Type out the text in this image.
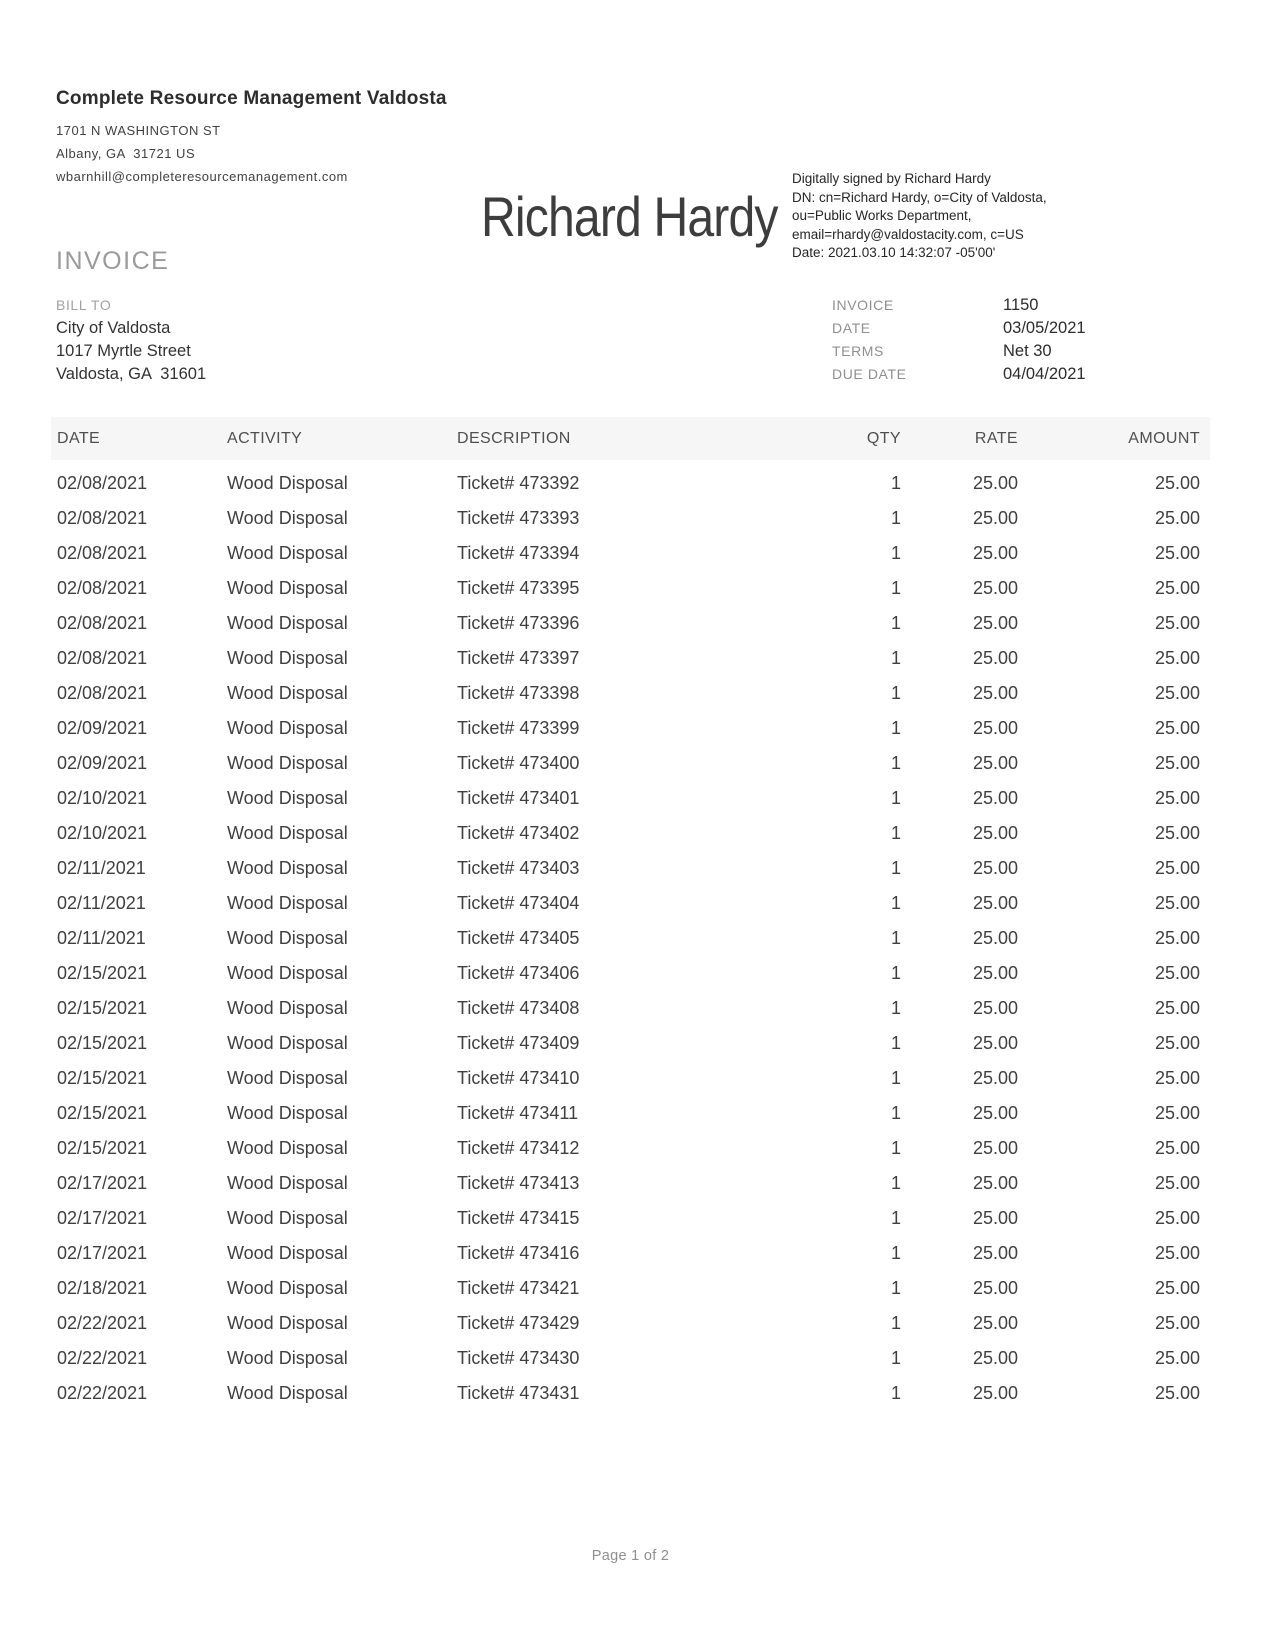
Complete Resource Management Valdosta
1701 N WASHINGTON ST
Albany, GA  31721 US
wbarnhill@completeresourcemanagement.com
Richard Hardy
Digitally signed by Richard Hardy
DN: cn=Richard Hardy, o=City of Valdosta,
ou=Public Works Department,
email=rhardy@valdostacity.com, c=US
Date: 2021.03.10 14:32:07 -05'00'
INVOICE
BILL TO
City of Valdosta
1017 Myrtle Street
Valdosta, GA  31601
INVOICE	1150
DATE	03/05/2021
TERMS	Net 30
DUE DATE	04/04/2021
DATE	ACTIVITY	DESCRIPTION	QTY	RATE	AMOUNT
02/08/2021	Wood Disposal	Ticket# 473392	1	25.00	25.00
02/08/2021	Wood Disposal	Ticket# 473393	1	25.00	25.00
02/08/2021	Wood Disposal	Ticket# 473394	1	25.00	25.00
02/08/2021	Wood Disposal	Ticket# 473395	1	25.00	25.00
02/08/2021	Wood Disposal	Ticket# 473396	1	25.00	25.00
02/08/2021	Wood Disposal	Ticket# 473397	1	25.00	25.00
02/08/2021	Wood Disposal	Ticket# 473398	1	25.00	25.00
02/09/2021	Wood Disposal	Ticket# 473399	1	25.00	25.00
02/09/2021	Wood Disposal	Ticket# 473400	1	25.00	25.00
02/10/2021	Wood Disposal	Ticket# 473401	1	25.00	25.00
02/10/2021	Wood Disposal	Ticket# 473402	1	25.00	25.00
02/11/2021	Wood Disposal	Ticket# 473403	1	25.00	25.00
02/11/2021	Wood Disposal	Ticket# 473404	1	25.00	25.00
02/11/2021	Wood Disposal	Ticket# 473405	1	25.00	25.00
02/15/2021	Wood Disposal	Ticket# 473406	1	25.00	25.00
02/15/2021	Wood Disposal	Ticket# 473408	1	25.00	25.00
02/15/2021	Wood Disposal	Ticket# 473409	1	25.00	25.00
02/15/2021	Wood Disposal	Ticket# 473410	1	25.00	25.00
02/15/2021	Wood Disposal	Ticket# 473411	1	25.00	25.00
02/15/2021	Wood Disposal	Ticket# 473412	1	25.00	25.00
02/17/2021	Wood Disposal	Ticket# 473413	1	25.00	25.00
02/17/2021	Wood Disposal	Ticket# 473415	1	25.00	25.00
02/17/2021	Wood Disposal	Ticket# 473416	1	25.00	25.00
02/18/2021	Wood Disposal	Ticket# 473421	1	25.00	25.00
02/22/2021	Wood Disposal	Ticket# 473429	1	25.00	25.00
02/22/2021	Wood Disposal	Ticket# 473430	1	25.00	25.00
02/22/2021	Wood Disposal	Ticket# 473431	1	25.00	25.00
Page 1 of 2
